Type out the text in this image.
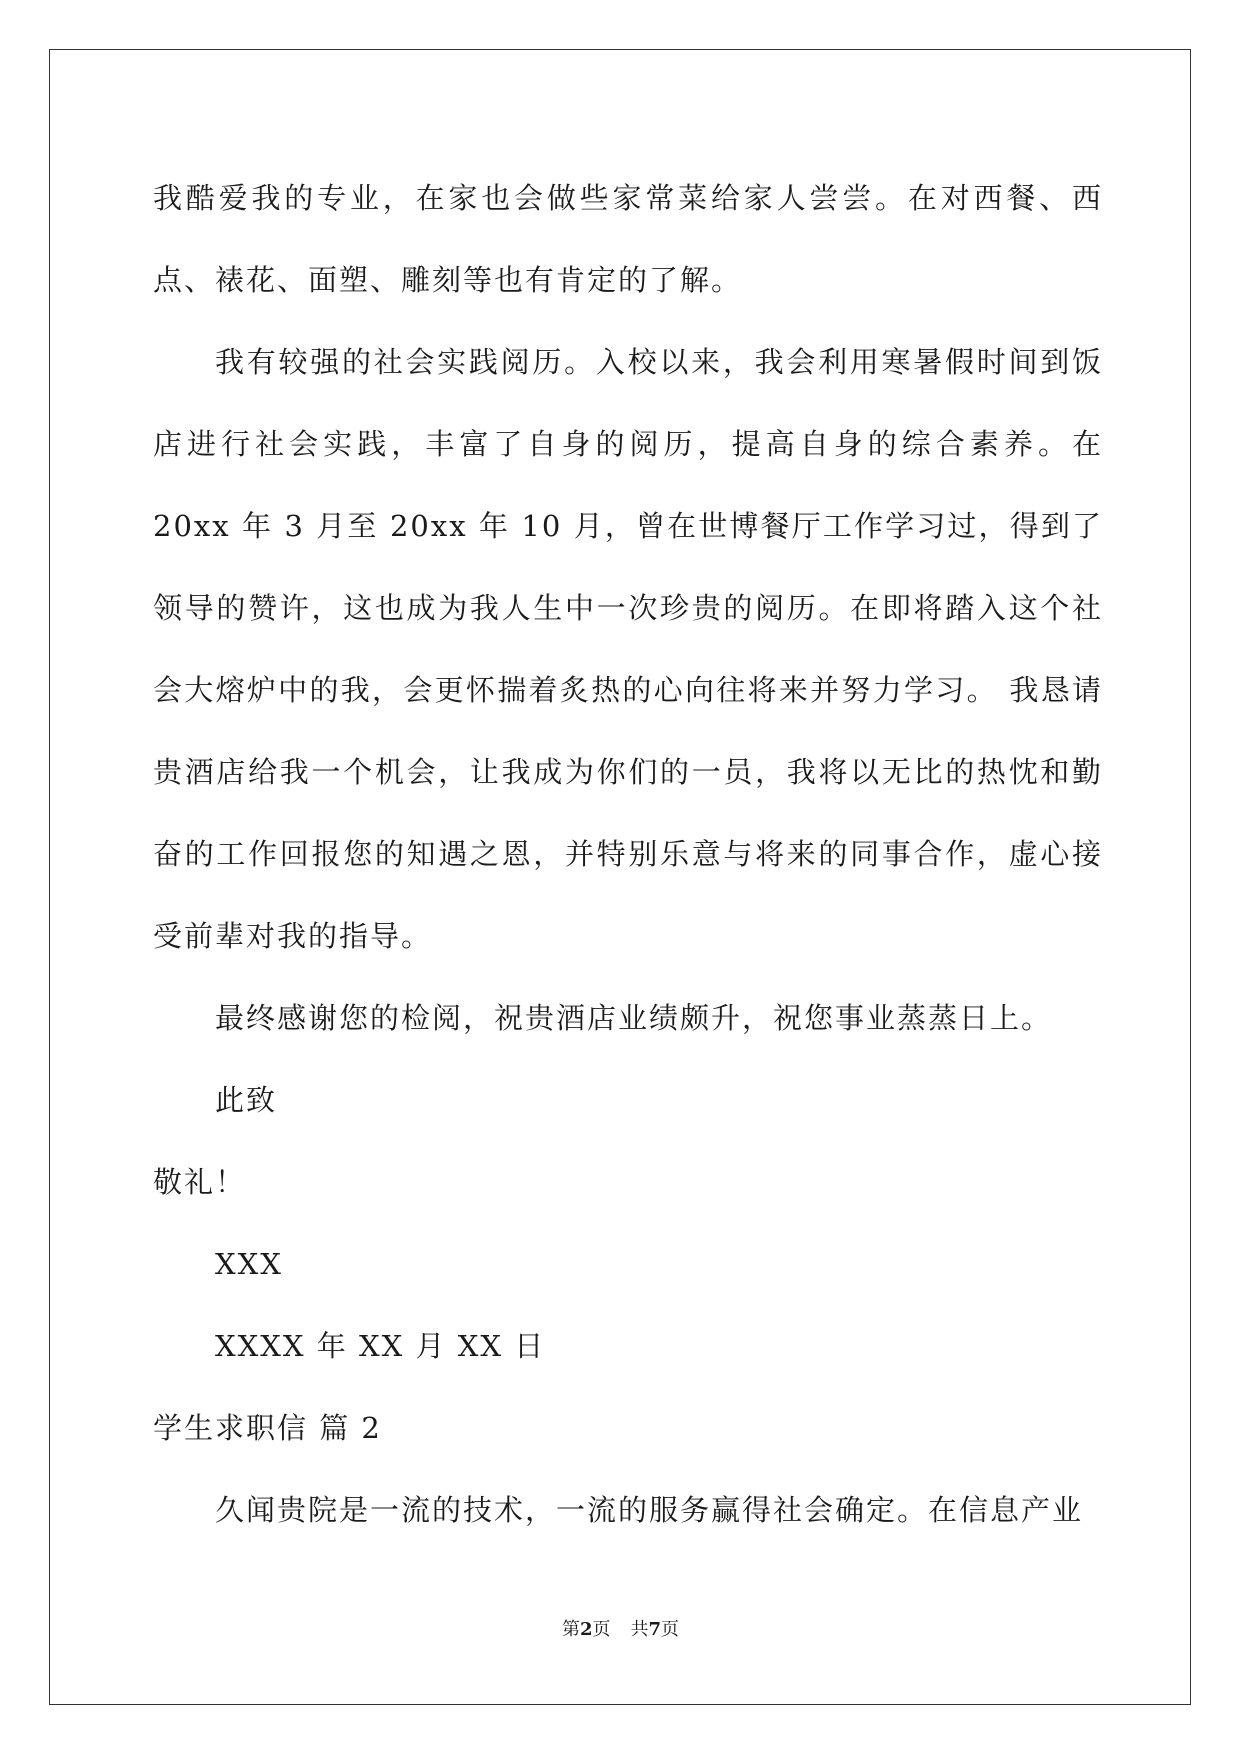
我酷爱我的专业，在家也会做些家常菜给家人尝尝。在对西餐、西点、裱花、面塑、雕刻等也有肯定的了解。

我有较强的社会实践阅历。入校以来，我会利用寒暑假时间到饭店进行社会实践，丰富了自身的阅历，提高自身的综合素养。在 20xx 年 3 月至 20xx 年 10 月，曾在世博餐厅工作学习过，得到了领导的赞许，这也成为我人生中一次珍贵的阅历。在即将踏入这个社会大熔炉中的我，会更怀揣着炙热的心向往将来并努力学习。 我恳请贵酒店给我一个机会，让我成为你们的一员，我将以无比的热忱和勤奋的工作回报您的知遇之恩，并特别乐意与将来的同事合作，虚心接受前辈对我的指导。

最终感谢您的检阅，祝贵酒店业绩颇升，祝您事业蒸蒸日上。

此致

敬礼！

XXX

XXXX 年 XX 月 XX 日

学生求职信 篇 2

久闻贵院是一流的技术，一流的服务赢得社会确定。在信息产业

第2页 共7页
